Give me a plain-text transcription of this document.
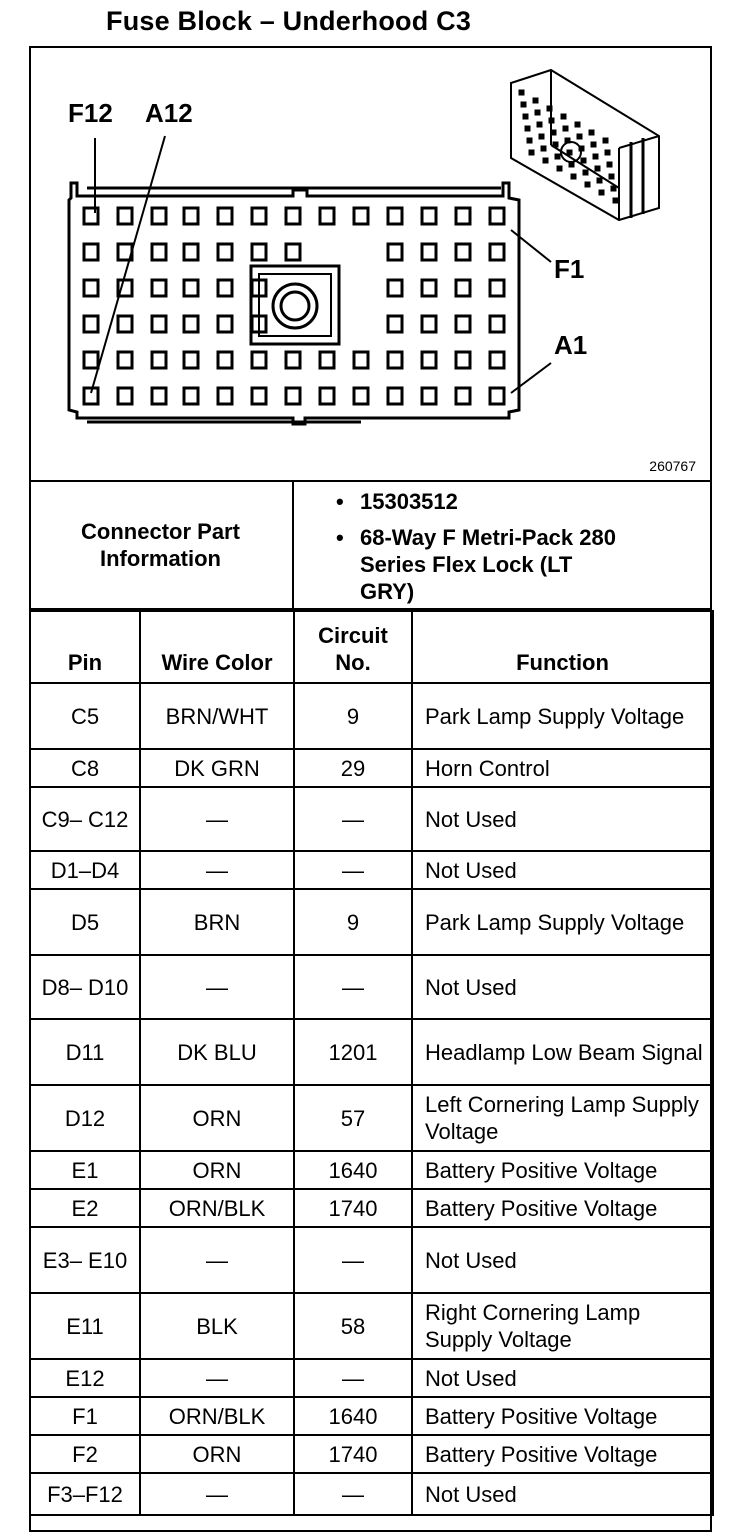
Fuse Block – Underhood C3
F12 A12
F1
A1
260767
Connector Part Information
• 15303512
• 68-Way F Metri-Pack 280 Series Flex Lock (LT GRY)
Pin	Wire Color	Circuit No.	Function
C5	BRN/WHT	9	Park Lamp Supply Voltage
C8	DK GRN	29	Horn Control
C9– C12	—	—	Not Used
D1–D4	—	—	Not Used
D5	BRN	9	Park Lamp Supply Voltage
D8– D10	—	—	Not Used
D11	DK BLU	1201	Headlamp Low Beam Signal
D12	ORN	57	Left Cornering Lamp Supply Voltage
E1	ORN	1640	Battery Positive Voltage
E2	ORN/BLK	1740	Battery Positive Voltage
E3– E10	—	—	Not Used
E11	BLK	58	Right Cornering Lamp Supply Voltage
E12	—	—	Not Used
F1	ORN/BLK	1640	Battery Positive Voltage
F2	ORN	1740	Battery Positive Voltage
F3–F12	—	—	Not Used
